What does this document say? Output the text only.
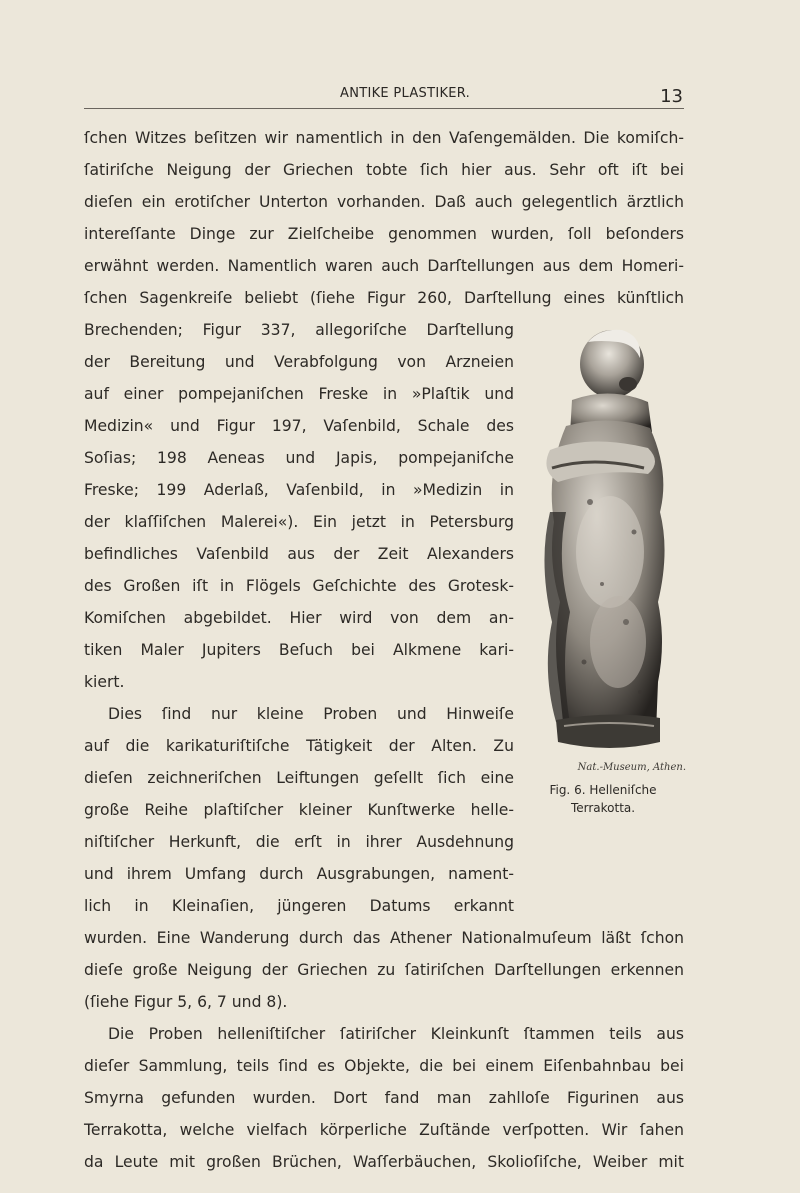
ANTIKE PLASTIKER.	13
ſchen Witzes beſitzen wir namentlich in den Vaſengemälden. Die komiſch-
ſatiriſche Neigung der Griechen tobte ſich hier aus. Sehr oft iſt bei
dieſen ein erotiſcher Unterton vorhanden. Daß auch gelegentlich ärztlich
intereſſante Dinge zur Zielſcheibe genommen wurden, ſoll beſonders
erwähnt werden. Namentlich waren auch Darſtellungen aus dem Homeri-
ſchen Sagenkreiſe beliebt (ſiehe Figur 260, Darſtellung eines künſtlich
Brechenden; Figur 337, allegoriſche Darſtellung
der Bereitung und Verabfolgung von Arzneien
auf einer pompejaniſchen Freske in »Plaſtik und
Medizin« und Figur 197, Vaſenbild, Schale des
Soſias; 198 Aeneas und Japis, pompejaniſche
Freske; 199 Aderlaß, Vaſenbild, in »Medizin in
der klaſſiſchen Malerei«). Ein jetzt in Petersburg
befindliches Vaſenbild aus der Zeit Alexanders
des Großen iſt in Flögels Geſchichte des Grotesk-
Komiſchen abgebildet. Hier wird von dem an-
tiken Maler Jupiters Beſuch bei Alkmene kari-
kiert.
Dies ſind nur kleine Proben und Hinweiſe
auf die karikaturiſtiſche Tätigkeit der Alten. Zu
dieſen zeichneriſchen Leiftungen geſellt ſich eine
große Reihe plaſtiſcher kleiner Kunſtwerke helle-
niſtiſcher Herkunft, die erſt in ihrer Ausdehnung
und ihrem Umfang durch Ausgrabungen, nament-
lich in Kleinaſien, jüngeren Datums erkannt
wurden. Eine Wanderung durch das Athener Nationalmuſeum läßt ſchon
dieſe große Neigung der Griechen zu ſatiriſchen Darſtellungen erkennen
(ſiehe Figur 5, 6, 7 und 8).
Die Proben helleniſtiſcher ſatiriſcher Kleinkunſt ſtammen teils aus
dieſer Sammlung, teils ſind es Objekte, die bei einem Eiſenbahnbau bei
Smyrna gefunden wurden. Dort fand man zahlloſe Figurinen aus
Terrakotta, welche vielfach körperliche Zuſtände verſpotten. Wir ſahen
da Leute mit großen Brüchen, Waſſerbäuchen, Skolioſiſche, Weiber mit
Nat.-Museum, Athen.
Fig. 6. Helleniſche
Terrakotta.
